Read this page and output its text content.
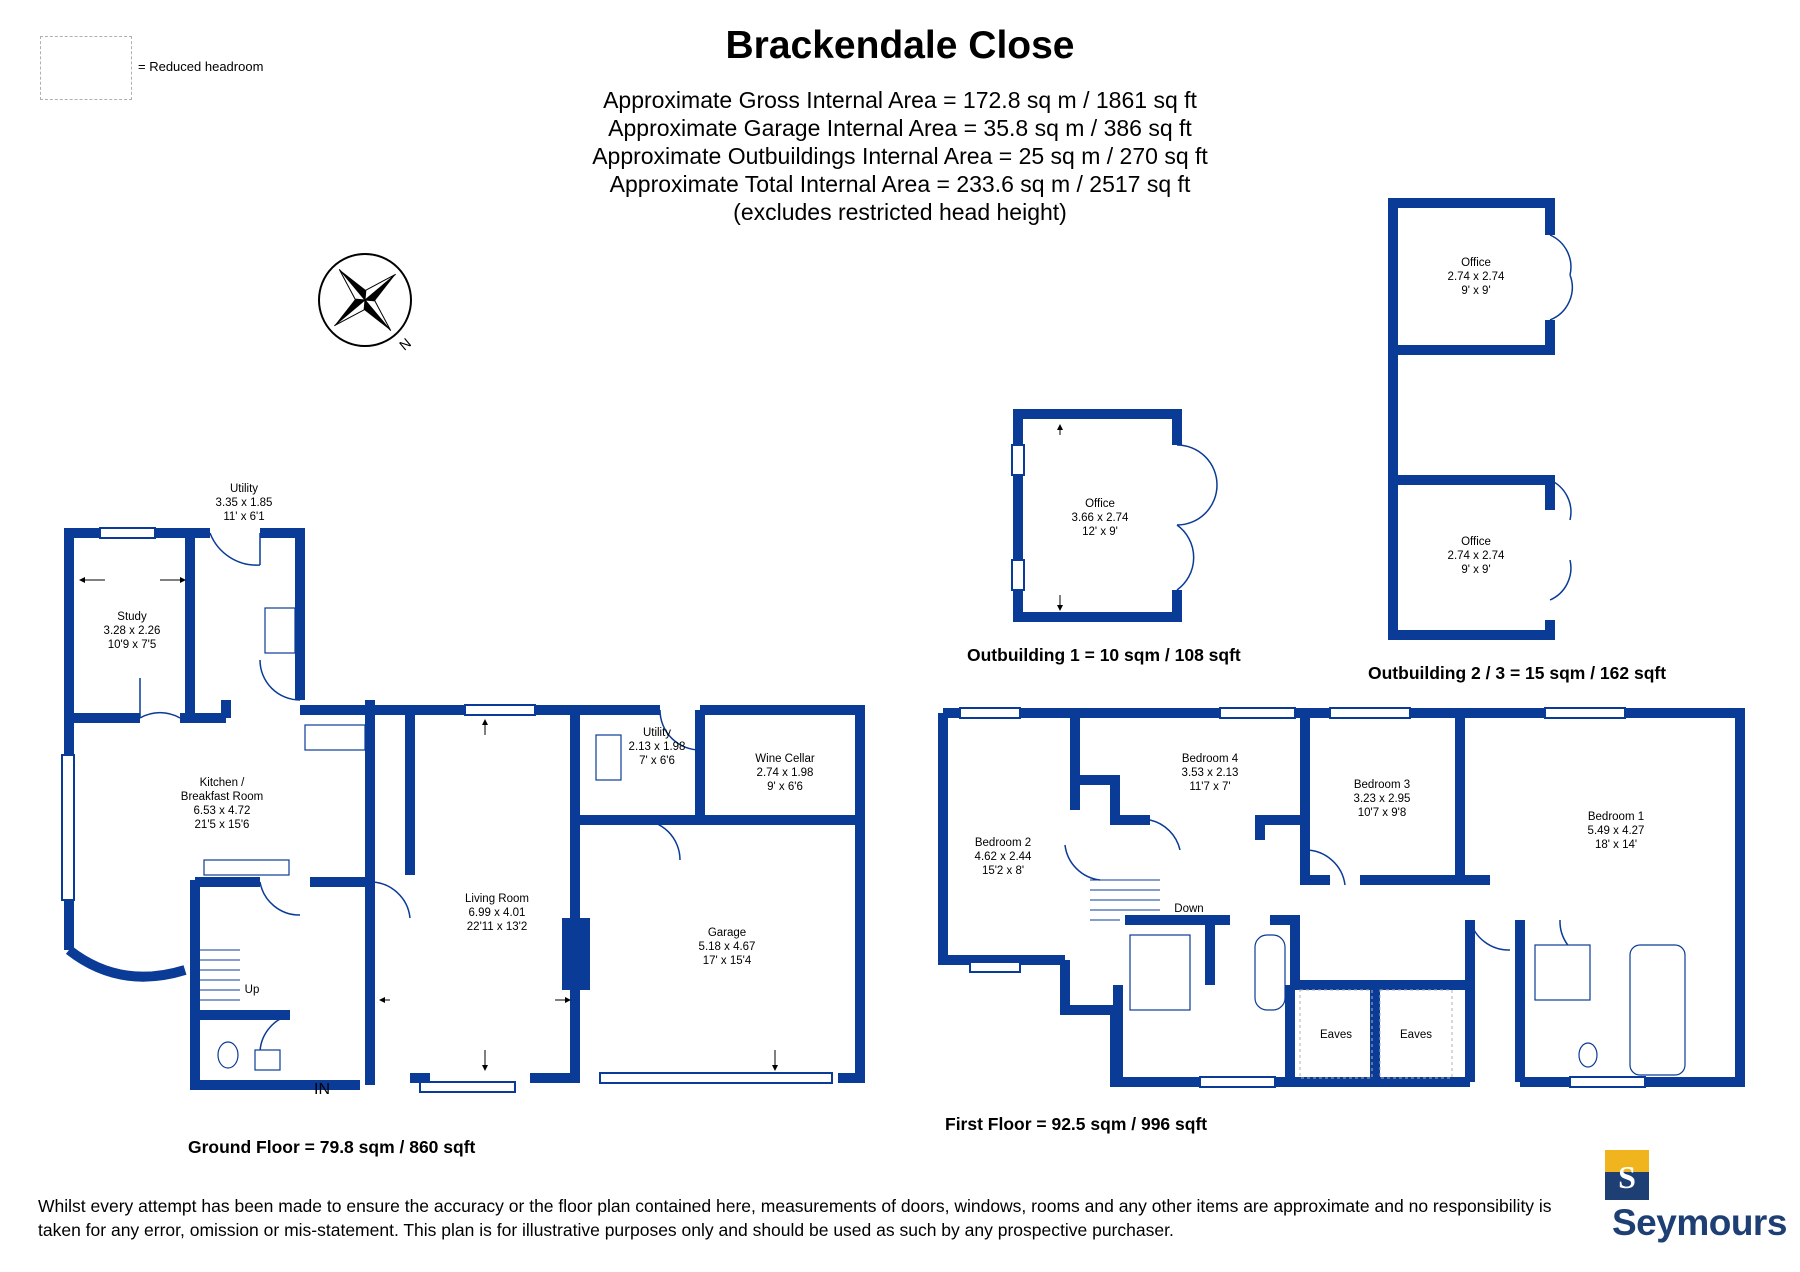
Brackendale Close
Approximate Gross Internal Area = 172.8 sq m / 1861 sq ft
Approximate Garage Internal Area = 35.8 sq m / 386 sq ft
Approximate Outbuildings Internal Area = 25 sq m / 270 sq ft
Approximate Total Internal Area = 233.6 sq m / 2517 sq ft
(excludes restricted head height)
= Reduced headroom
Utility
3.35 x 1.85
11' x 6'1
Study
3.28 x 2.26
10'9 x 7'5
Kitchen /
Breakfast Room
6.53 x 4.72
21'5 x 15'6
Living Room
6.99 x 4.01
22'11 x 13'2
Utility
2.13 x 1.98
7' x 6'6	Wine Cellar
2.74 x 1.98
9' x 6'6
Garage
5.18 x 4.67
17' x 15'4
Up
IN
Ground Floor = 79.8 sqm / 860 sqft
Office
3.66 x 2.74
12' x 9'
Outbuilding 1 = 10 sqm / 108 sqft
Office
2.74 x 2.74
9' x 9'
Office
2.74 x 2.74
9' x 9'
Outbuilding 2 / 3 = 15 sqm / 162 sqft
Bedroom 2
4.62 x 2.44
15'2 x 8'
Bedroom 4
3.53 x 2.13
11'7 x 7'	Bedroom 3
3.23 x 2.95
10'7 x 9'8	Bedroom 1
5.49 x 4.27
18' x 14'
Down
Eaves	Eaves
First Floor = 92.5 sqm / 996 sqft
N
Whilst every attempt has been made to ensure the accuracy or the floor plan contained here, measurements of doors, windows, rooms and any other items are approximate and no responsibility is taken for any error, omission or mis-statement. This plan is for illustrative purposes only and should be used as such by any prospective purchaser.
S
Seymours
